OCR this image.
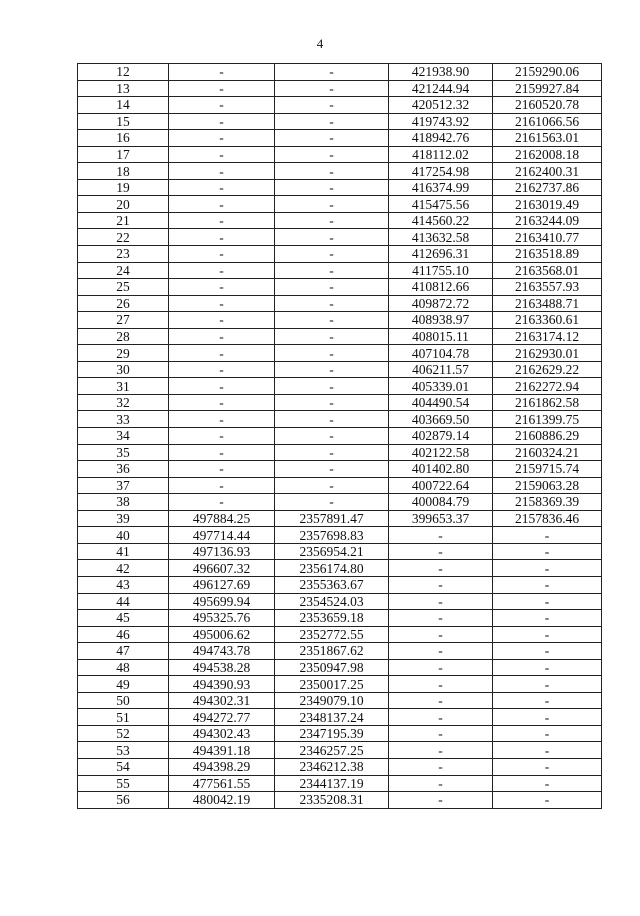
4
12	-	-	421938.90	2159290.06
13	-	-	421244.94	2159927.84
14	-	-	420512.32	2160520.78
15	-	-	419743.92	2161066.56
16	-	-	418942.76	2161563.01
17	-	-	418112.02	2162008.18
18	-	-	417254.98	2162400.31
19	-	-	416374.99	2162737.86
20	-	-	415475.56	2163019.49
21	-	-	414560.22	2163244.09
22	-	-	413632.58	2163410.77
23	-	-	412696.31	2163518.89
24	-	-	411755.10	2163568.01
25	-	-	410812.66	2163557.93
26	-	-	409872.72	2163488.71
27	-	-	408938.97	2163360.61
28	-	-	408015.11	2163174.12
29	-	-	407104.78	2162930.01
30	-	-	406211.57	2162629.22
31	-	-	405339.01	2162272.94
32	-	-	404490.54	2161862.58
33	-	-	403669.50	2161399.75
34	-	-	402879.14	2160886.29
35	-	-	402122.58	2160324.21
36	-	-	401402.80	2159715.74
37	-	-	400722.64	2159063.28
38	-	-	400084.79	2158369.39
39	497884.25	2357891.47	399653.37	2157836.46
40	497714.44	2357698.83	-	-
41	497136.93	2356954.21	-	-
42	496607.32	2356174.80	-	-
43	496127.69	2355363.67	-	-
44	495699.94	2354524.03	-	-
45	495325.76	2353659.18	-	-
46	495006.62	2352772.55	-	-
47	494743.78	2351867.62	-	-
48	494538.28	2350947.98	-	-
49	494390.93	2350017.25	-	-
50	494302.31	2349079.10	-	-
51	494272.77	2348137.24	-	-
52	494302.43	2347195.39	-	-
53	494391.18	2346257.25	-	-
54	494398.29	2346212.38	-	-
55	477561.55	2344137.19	-	-
56	480042.19	2335208.31	-	-
